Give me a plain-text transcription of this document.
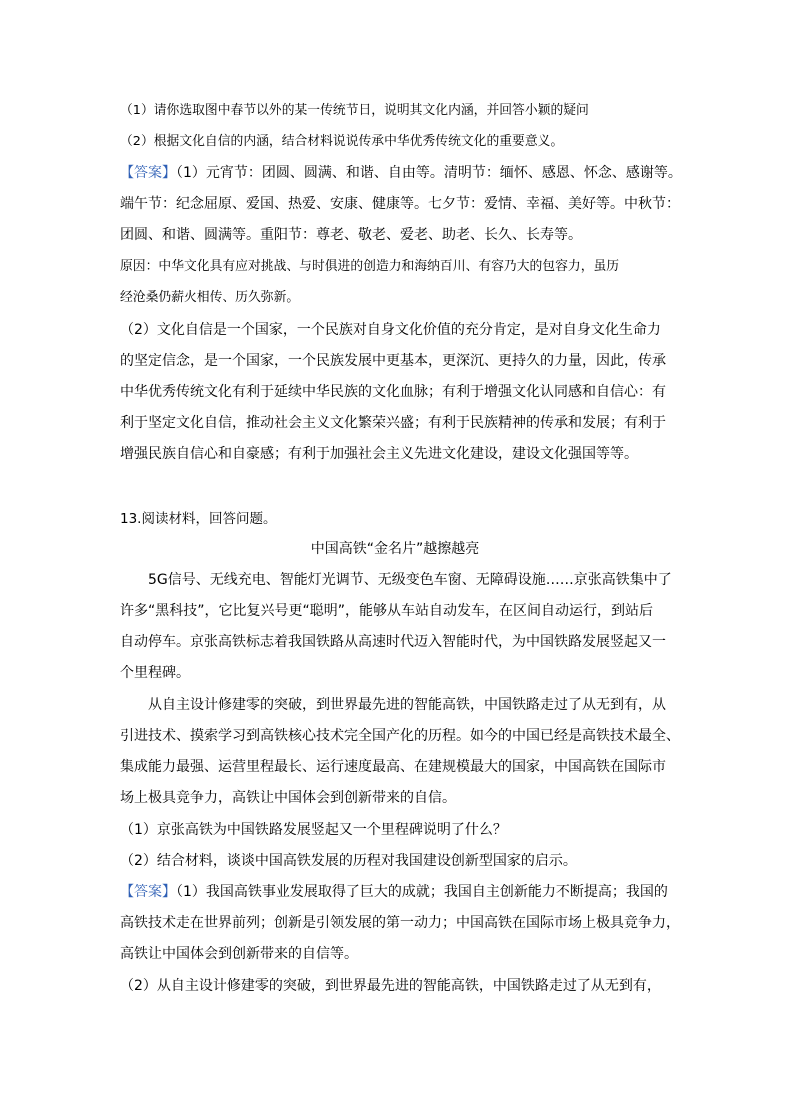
（1）请你选取图中春节以外的某一传统节日，说明其文化内涵，并回答小颖的疑问

（2）根据文化自信的内涵，结合材料说说传承中华优秀传统文化的重要意义。

【答案】（1）元宵节：团圆、圆满、和谐、自由等。清明节：缅怀、感恩、怀念、感谢等。

端午节：纪念屈原、爱国、热爱、安康、健康等。七夕节：爱情、幸福、美好等。中秋节：

团圆、和谐、圆满等。重阳节：尊老、敬老、爱老、助老、长久、长寿等。

原因：中华文化具有应对挑战、与时俱进的创造力和海纳百川、有容乃大的包容力，虽历

经沧桑仍薪火相传、历久弥新。

（2）文化自信是一个国家，一个民族对自身文化价值的充分肯定，是对自身文化生命力

的坚定信念，是一个国家，一个民族发展中更基本，更深沉、更持久的力量，因此，传承

中华优秀传统文化有利于延续中华民族的文化血脉；有利于增强文化认同感和自信心：有

利于坚定文化自信，推动社会主义文化繁荣兴盛；有利于民族精神的传承和发展；有利于

增强民族自信心和自豪感；有利于加强社会主义先进文化建设，建设文化强国等等。

13.阅读材料，回答问题。

中国高铁“金名片”越擦越亮

5G信号、无线充电、智能灯光调节、无级变色车窗、无障碍设施……京张高铁集中了

许多“黑科技”，它比复兴号更“聪明”，能够从车站自动发车，在区间自动运行，到站后

自动停车。京张高铁标志着我国铁路从高速时代迈入智能时代，为中国铁路发展竖起又一

个里程碑。

从自主设计修建零的突破，到世界最先进的智能高铁，中国铁路走过了从无到有，从

引进技术、摸索学习到高铁核心技术完全国产化的历程。如今的中国已经是高铁技术最全、

集成能力最强、运营里程最长、运行速度最高、在建规模最大的国家，中国高铁在国际市

场上极具竞争力，高铁让中国体会到创新带来的自信。

（1）京张高铁为中国铁路发展竖起又一个里程碑说明了什么？

（2）结合材料，谈谈中国高铁发展的历程对我国建设创新型国家的启示。

【答案】（1）我国高铁事业发展取得了巨大的成就；我国自主创新能力不断提高；我国的

高铁技术走在世界前列；创新是引领发展的第一动力；中国高铁在国际市场上极具竞争力，

高铁让中国体会到创新带来的自信等。

（2）从自主设计修建零的突破，到世界最先进的智能高铁，中国铁路走过了从无到有，
